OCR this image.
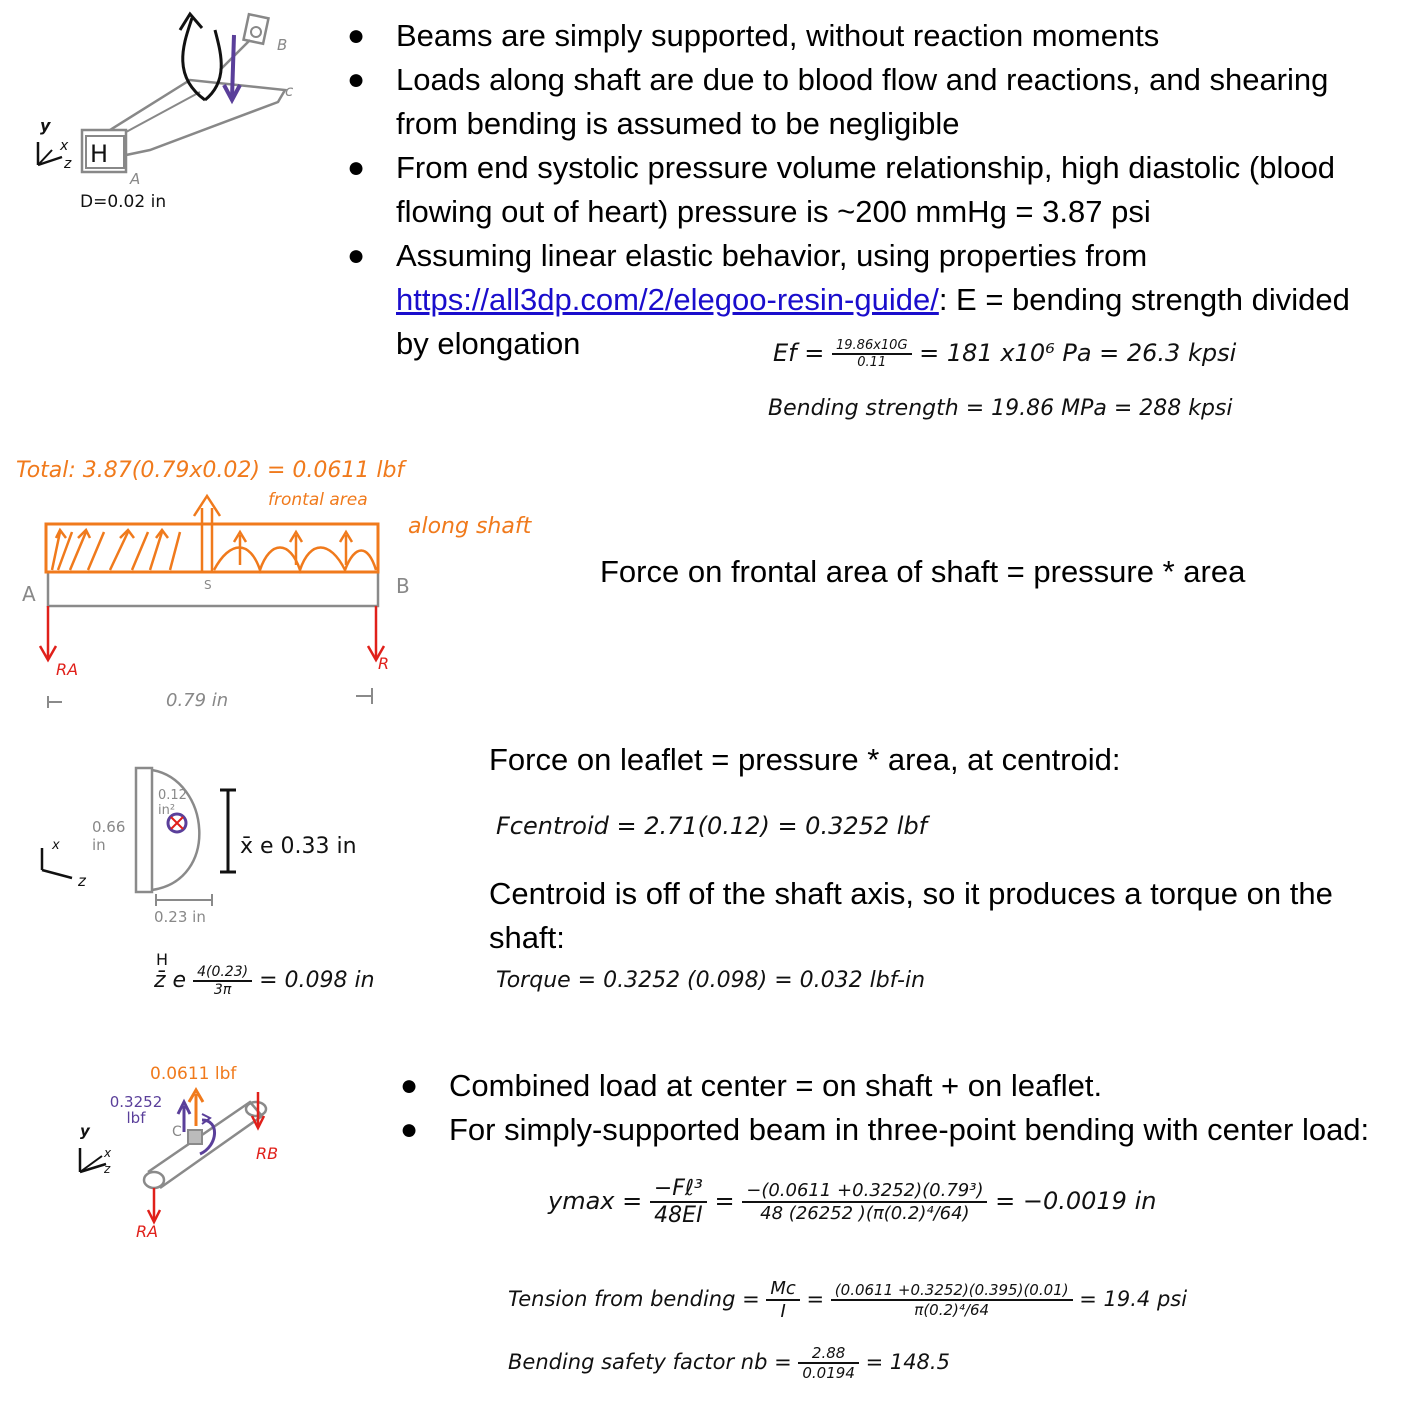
B
c
A
H
y
x
z
D=0.02 in
● Beams are simply supported, without reaction moments
● Loads along shaft are due to blood flow and reactions, and shearing from bending is assumed to be negligible
● From end systolic pressure volume relationship, high diastolic (blood flowing out of heart) pressure is ~200 mmHg = 3.87 psi
● Assuming linear elastic behavior, using properties from https://all3dp.com/2/elegoo-resin-guide/: E = bending strength divided by elongation	$Ef = \frac{19.86x10G}{0.11} = 181$ x10⁶ Pa = 26.3 kpsi
Bending strength = 19.86 MPa = 288 kpsi
Total: 3.87(0.79x0.02) = 0.0611 lbf
frontal area
along shaft
A	B
S
RA	R
0.79 in
Force on frontal area of shaft = pressure * area
0.12 in²
0.66 in	x̄ e 0.33 in
0.23 in
x
z
H
z̄ e $\frac{4(0.23)}{3\pi} = 0.098$ in
Force on leaflet = pressure * area, at centroid:
Fcentroid = 2.71(0.12) = 0.3252 lbf
Centroid is off of the shaft axis, so it produces a torque on the shaft:
Torque = 0.3252 (0.098) = 0.032 lbf-in
0.0611 lbf
0.3252 lbf
C
RA
RB
y
x
z
● Combined load at center = on shaft + on leaflet.
● For simply-supported beam in three-point bending with center load:
$ymax = \frac{\text{−Fℓ³}}{48EI} = \frac{\text{−(0.0611 +0.3252)(0.79³)}}{\text{48 (26252 )(π(0.2)⁴/64)}} = -0.0019$ in
Tension from bending = $\frac{Mc}{I} = \frac{(0.0611 +0.3252)(0.395)(0.01)}{\text{π(0.2)⁴/64}} = 19.4$ psi
Bending safety factor nb = $\frac{2.88}{0.0194} = 148.5$
